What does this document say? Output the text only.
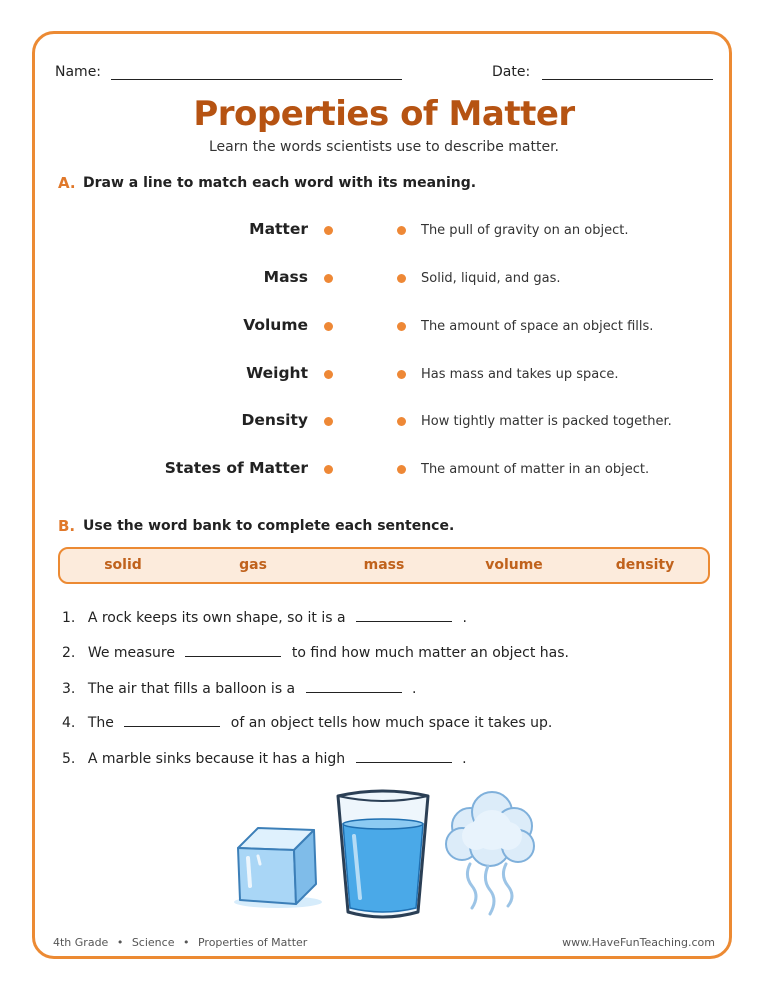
Name:	Date:
Properties of Matter
Learn the words scientists use to describe matter.
A. Draw a line to match each word with its meaning.
Matter	The pull of gravity on an object.
Mass	Solid, liquid, and gas.
Volume	The amount of space an object fills.
Weight	Has mass and takes up space.
Density	How tightly matter is packed together.
States of Matter	The amount of matter in an object.
B. Use the word bank to complete each sentence.
solid	gas	mass	volume	density
1. A rock keeps its own shape, so it is a	.
2. We measure	to find how much matter an object has.
3. The air that fills a balloon is a	.
4. The	of an object tells how much space it takes up.
5. A marble sinks because it has a high	.
4th Grade • Science • Properties of Matter	www.HaveFunTeaching.com
